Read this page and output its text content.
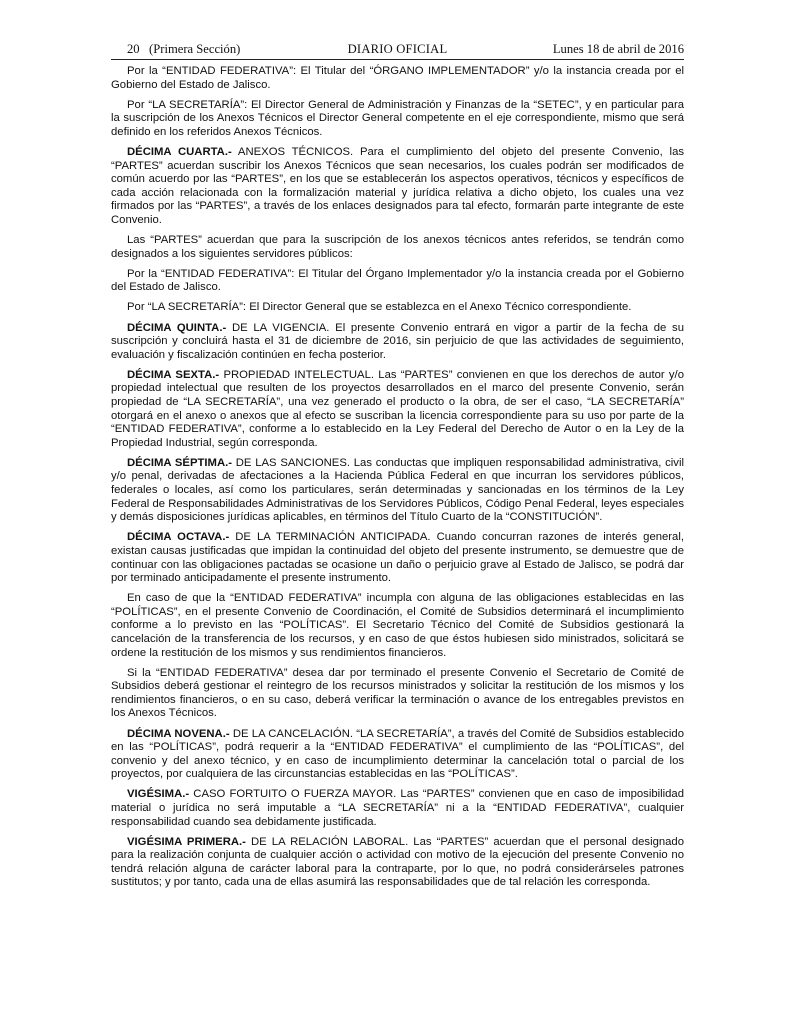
20 (Primera Sección)	DIARIO OFICIAL	Lunes 18 de abril de 2016

Por la “ENTIDAD FEDERATIVA”: El Titular del “ÓRGANO IMPLEMENTADOR” y/o la instancia creada por el Gobierno del Estado de Jalisco.

Por “LA SECRETARÍA”: El Director General de Administración y Finanzas de la “SETEC”, y en particular para la suscripción de los Anexos Técnicos el Director General competente en el eje correspondiente, mismo que será definido en los referidos Anexos Técnicos.

DÉCIMA CUARTA.- ANEXOS TÉCNICOS. Para el cumplimiento del objeto del presente Convenio, las “PARTES” acuerdan suscribir los Anexos Técnicos que sean necesarios, los cuales podrán ser modificados de común acuerdo por las “PARTES”, en los que se establecerán los aspectos operativos, técnicos y específicos de cada acción relacionada con la formalización material y jurídica relativa a dicho objeto, los cuales una vez firmados por las “PARTES”, a través de los enlaces designados para tal efecto, formarán parte integrante de este Convenio.

Las “PARTES” acuerdan que para la suscripción de los anexos técnicos antes referidos, se tendrán como designados a los siguientes servidores públicos:

Por la “ENTIDAD FEDERATIVA”: El Titular del Órgano Implementador y/o la instancia creada por el Gobierno del Estado de Jalisco.

Por “LA SECRETARÍA”: El Director General que se establezca en el Anexo Técnico correspondiente.

DÉCIMA QUINTA.- DE LA VIGENCIA. El presente Convenio entrará en vigor a partir de la fecha de su suscripción y concluirá hasta el 31 de diciembre de 2016, sin perjuicio de que las actividades de seguimiento, evaluación y fiscalización continúen en fecha posterior.

DÉCIMA SEXTA.- PROPIEDAD INTELECTUAL. Las “PARTES” convienen en que los derechos de autor y/o propiedad intelectual que resulten de los proyectos desarrollados en el marco del presente Convenio, serán propiedad de “LA SECRETARÍA”, una vez generado el producto o la obra, de ser el caso, “LA SECRETARÍA” otorgará en el anexo o anexos que al efecto se suscriban la licencia correspondiente para su uso por parte de la “ENTIDAD FEDERATIVA”, conforme a lo establecido en la Ley Federal del Derecho de Autor o en la Ley de la Propiedad Industrial, según corresponda.

DÉCIMA SÉPTIMA.- DE LAS SANCIONES. Las conductas que impliquen responsabilidad administrativa, civil y/o penal, derivadas de afectaciones a la Hacienda Pública Federal en que incurran los servidores públicos, federales o locales, así como los particulares, serán determinadas y sancionadas en los términos de la Ley Federal de Responsabilidades Administrativas de los Servidores Públicos, Código Penal Federal, leyes especiales y demás disposiciones jurídicas aplicables, en términos del Título Cuarto de la “CONSTITUCIÓN”.

DÉCIMA OCTAVA.- DE LA TERMINACIÓN ANTICIPADA. Cuando concurran razones de interés general, existan causas justificadas que impidan la continuidad del objeto del presente instrumento, se demuestre que de continuar con las obligaciones pactadas se ocasione un daño o perjuicio grave al Estado de Jalisco, se podrá dar por terminado anticipadamente el presente instrumento.

En caso de que la “ENTIDAD FEDERATIVA” incumpla con alguna de las obligaciones establecidas en las “POLÍTICAS”, en el presente Convenio de Coordinación, el Comité de Subsidios determinará el incumplimiento conforme a lo previsto en las “POLÍTICAS”. El Secretario Técnico del Comité de Subsidios gestionará la cancelación de la transferencia de los recursos, y en caso de que éstos hubiesen sido ministrados, solicitará se ordene la restitución de los mismos y sus rendimientos financieros.

Si la “ENTIDAD FEDERATIVA” desea dar por terminado el presente Convenio el Secretario de Comité de Subsidios deberá gestionar el reintegro de los recursos ministrados y solicitar la restitución de los mismos y los rendimientos financieros, o en su caso, deberá verificar la terminación o avance de los entregables previstos en los Anexos Técnicos.

DÉCIMA NOVENA.- DE LA CANCELACIÓN. “LA SECRETARÍA”, a través del Comité de Subsidios establecido en las “POLÍTICAS”, podrá requerir a la “ENTIDAD FEDERATIVA” el cumplimiento de las “POLÍTICAS”, del convenio y del anexo técnico, y en caso de incumplimiento determinar la cancelación total o parcial de los proyectos, por cualquiera de las circunstancias establecidas en las “POLÍTICAS”.

VIGÉSIMA.- CASO FORTUITO O FUERZA MAYOR. Las “PARTES” convienen que en caso de imposibilidad material o jurídica no será imputable a “LA SECRETARÍA” ni a la “ENTIDAD FEDERATIVA”, cualquier responsabilidad cuando sea debidamente justificada.

VIGÉSIMA PRIMERA.- DE LA RELACIÓN LABORAL. Las “PARTES” acuerdan que el personal designado para la realización conjunta de cualquier acción o actividad con motivo de la ejecución del presente Convenio no tendrá relación alguna de carácter laboral para la contraparte, por lo que, no podrá considerárseles patrones sustitutos; y por tanto, cada una de ellas asumirá las responsabilidades que de tal relación les corresponda.
